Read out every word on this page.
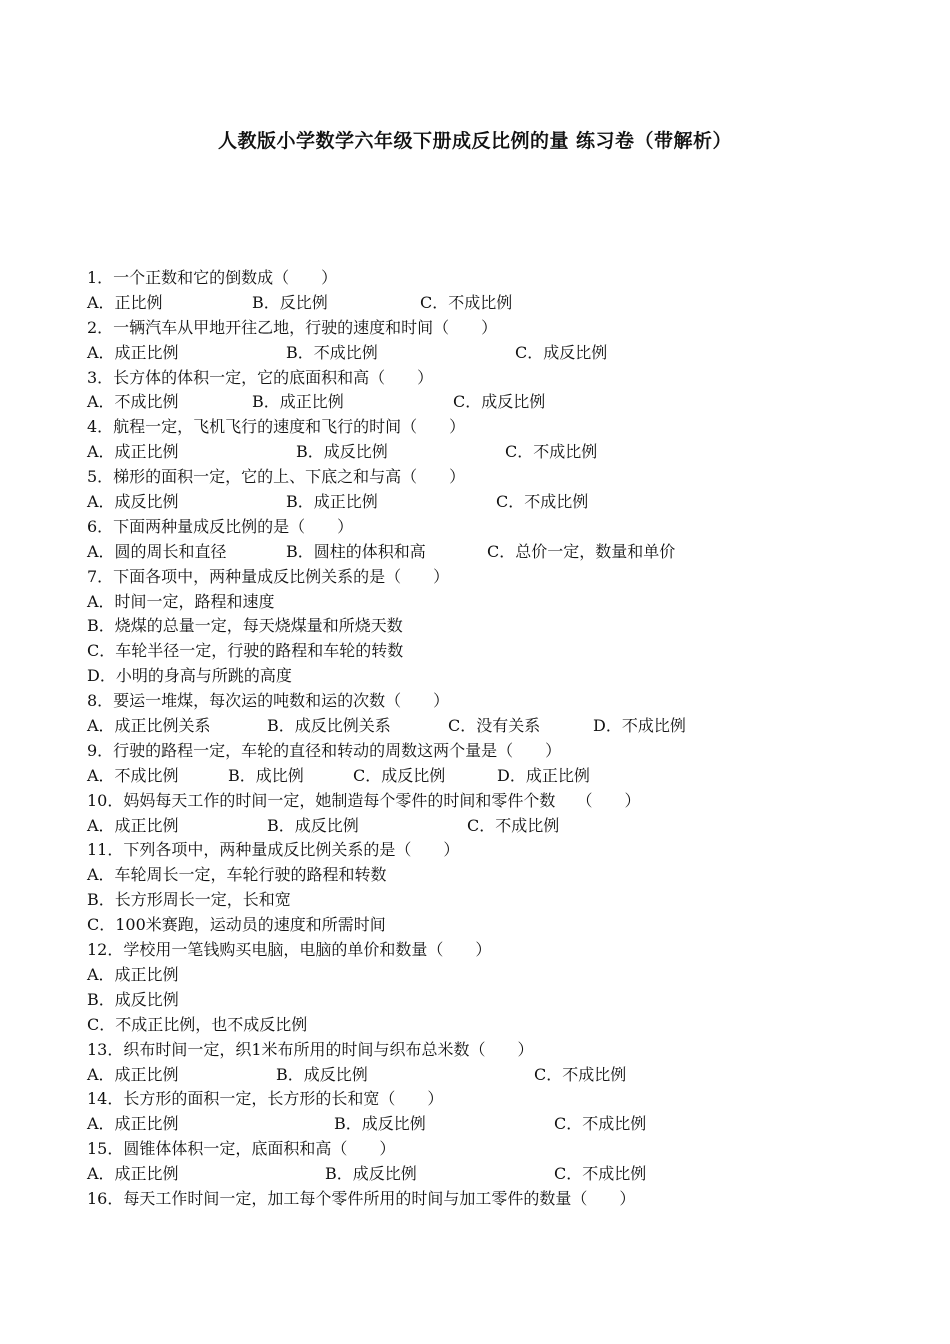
人教版小学数学六年级下册成反比例的量 练习卷（带解析）
1．一个正数和它的倒数成（　　）
A．正比例	B．反比例	C．不成比例
2．一辆汽车从甲地开往乙地，行驶的速度和时间（　　）
A．成正比例	B．不成比例	C．成反比例
3．长方体的体积一定，它的底面积和高（　　）
A．不成比例	B．成正比例	C．成反比例
4．航程一定，飞机飞行的速度和飞行的时间（　　）
A．成正比例	B．成反比例	C．不成比例
5．梯形的面积一定，它的上、下底之和与高（　　）
A．成反比例	B．成正比例	C．不成比例
6．下面两种量成反比例的是（　　）
A．圆的周长和直径	B．圆柱的体积和高	C．总价一定，数量和单价
7．下面各项中，两种量成反比例关系的是（　　）
A．时间一定，路程和速度
B．烧煤的总量一定，每天烧煤量和所烧天数
C．车轮半径一定，行驶的路程和车轮的转数
D．小明的身高与所跳的高度
8．要运一堆煤，每次运的吨数和运的次数（　　）
A．成正比例关系	B．成反比例关系	C．没有关系	D．不成比例
9．行驶的路程一定，车轮的直径和转动的周数这两个量是（　　）
A．不成比例	B．成比例	C．成反比例	D．成正比例
10．妈妈每天工作的时间一定，她制造每个零件的时间和零件个数　 （　　）
A．成正比例	B．成反比例	C．不成比例
11．下列各项中，两种量成反比例关系的是（　　）
A．车轮周长一定，车轮行驶的路程和转数
B．长方形周长一定，长和宽
C．100米赛跑，运动员的速度和所需时间
12．学校用一笔钱购买电脑，电脑的单价和数量（　　）
A．成正比例
B．成反比例
C．不成正比例，也不成反比例
13．织布时间一定，织1米布所用的时间与织布总米数（　　）
A．成正比例	B．成反比例	C．不成比例
14．长方形的面积一定，长方形的长和宽（　　）
A．成正比例	B．成反比例	C．不成比例
15．圆锥体体积一定，底面积和高（　　）
A．成正比例	B．成反比例	C．不成比例
16．每天工作时间一定，加工每个零件所用的时间与加工零件的数量（　　）
